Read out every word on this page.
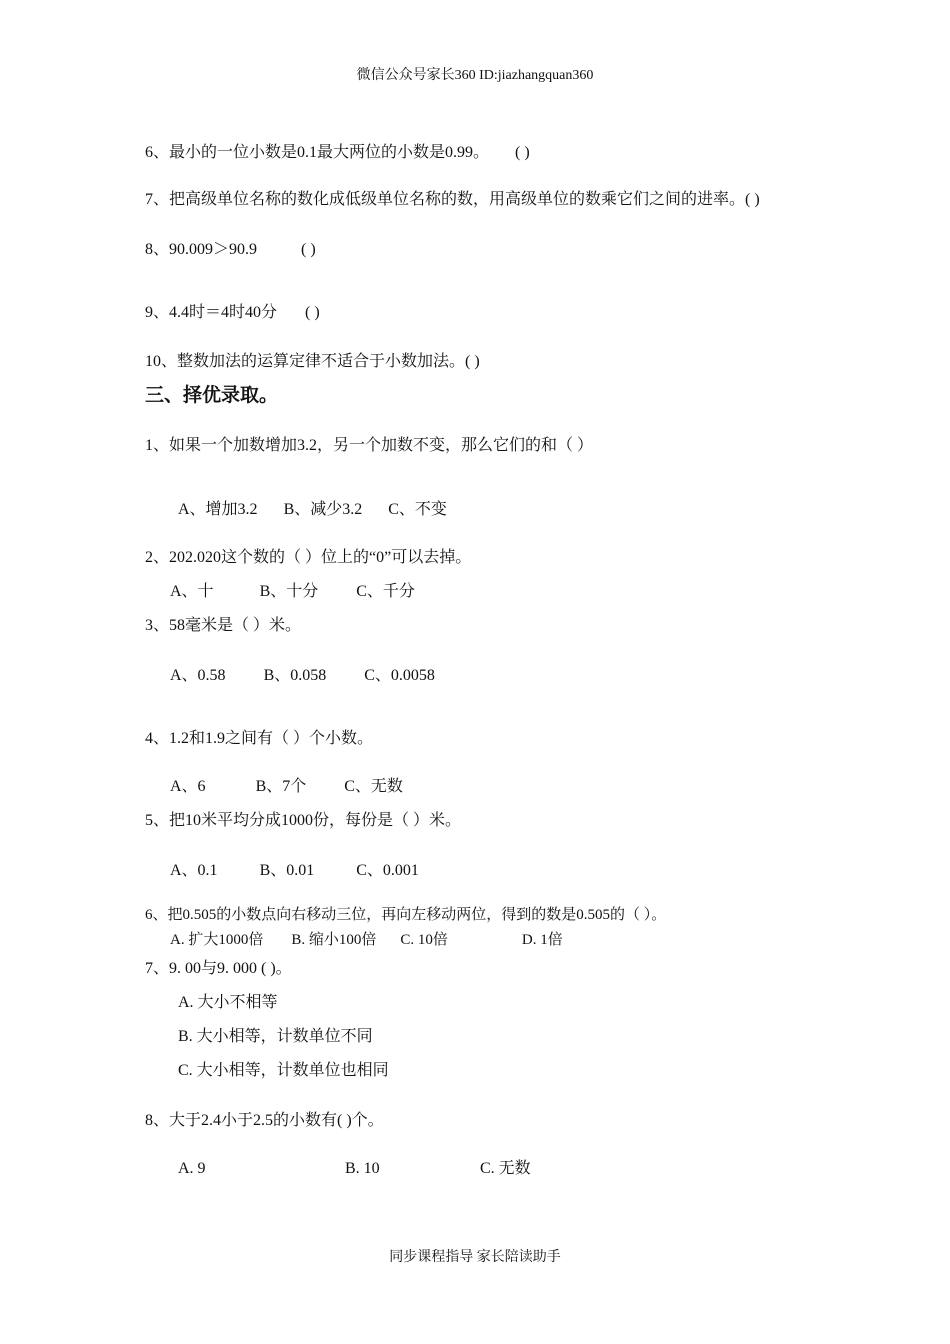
微信公众号家长360 ID:jiazhangquan360
6、最小的一位小数是0.1最大两位的小数是0.99。 ( )
7、把高级单位名称的数化成低级单位名称的数，用高级单位的数乘它们之间的进率。( )
8、90.009＞90.9	( )
9、4.4时＝4时40分 ( )
10、整数加法的运算定律不适合于小数加法。( )
三、择优录取。
1、如果一个加数增加3.2，另一个加数不变，那么它们的和（ ）
A、增加3.2 B、减少3.2 C、不变
2、202.020这个数的（ ）位上的“0”可以去掉。
A、十	B、十分 C、千分
3、58毫米是（ ）米。
A、0.58 B、0.058 C、0.0058
4、1.2和1.9之间有（ ）个小数。
A、6	B、7个 C、无数
5、把10米平均分成1000份，每份是（ ）米。
A、0.1	B、0.01	C、0.001
6、把0.505的小数点向右移动三位，再向左移动两位，得到的数是0.505的（ ）。
A. 扩大1000倍 B. 缩小100倍 C. 10倍	D. 1倍
7、9. 00与9. 000 ( )。
A. 大小不相等
B. 大小相等，计数单位不同
C. 大小相等，计数单位也相同
8、大于2.4小于2.5的小数有( )个。
A. 9	B. 10	C. 无数
同步课程指导 家长陪读助手
